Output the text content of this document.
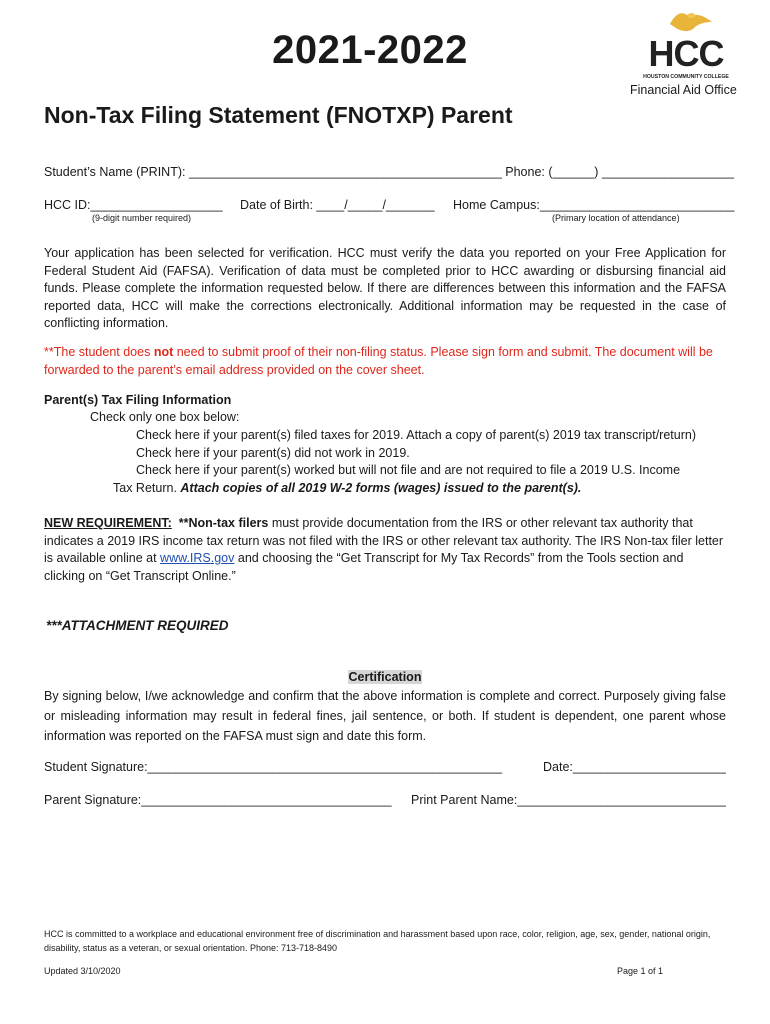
2021-2022	HCC
HOUSTON COMMUNITY COLLEGE
Financial Aid Office
Non-Tax Filing Statement (FNOTXP) Parent
Student’s Name (PRINT): _____________________________________________ Phone: (______) ___________________
HCC ID:___________________
(9-digit number required)
Date of Birth: ____/_____/_______ Home Campus:____________________________
(Primary location of attendance)
Your application has been selected for verification. HCC must verify the data you reported on your Free Application for Federal Student Aid (FAFSA). Verification of data must be completed prior to HCC awarding or disbursing financial aid funds. Please complete the information requested below. If there are differences between this information and the FAFSA reported data, HCC will make the corrections electronically. Additional information may be requested in the case of conflicting information.
**The student does not need to submit proof of their non-filing status. Please sign form and submit. The document will be forwarded to the parent’s email address provided on the cover sheet.
Parent(s) Tax Filing Information
Check only one box below:
Check here if your parent(s) filed taxes for 2019. Attach a copy of parent(s) 2019 tax transcript/return)
Check here if your parent(s) did not work in 2019.
Check here if your parent(s) worked but will not file and are not required to file a 2019 U.S. Income
Tax Return. Attach copies of all 2019 W-2 forms (wages) issued to the parent(s).
NEW REQUIREMENT:  **Non-tax filers must provide documentation from the IRS or other relevant tax authority that indicates a 2019 IRS income tax return was not filed with the IRS or other relevant tax authority. The IRS Non-tax filer letter is available online at www.IRS.gov and choosing the “Get Transcript for My Tax Records” from the Tools section and clicking on “Get Transcript Online.”
***ATTACHMENT REQUIRED
Certification
By signing below, I/we acknowledge and confirm that the above information is complete and correct. Purposely giving false or misleading information may result in federal fines, jail sentence, or both. If student is dependent, one parent whose information was reported on the FAFSA must sign and date this form.
Student Signature:___________________________________________________	Date:______________________
Parent Signature:____________________________________ Print Parent Name:______________________________
HCC is committed to a workplace and educational environment free of discrimination and harassment based upon race, color, religion, age, sex, gender, national origin, disability, status as a veteran, or sexual orientation. Phone: 713-718-8490
Updated 3/10/2020	Page 1 of 1
